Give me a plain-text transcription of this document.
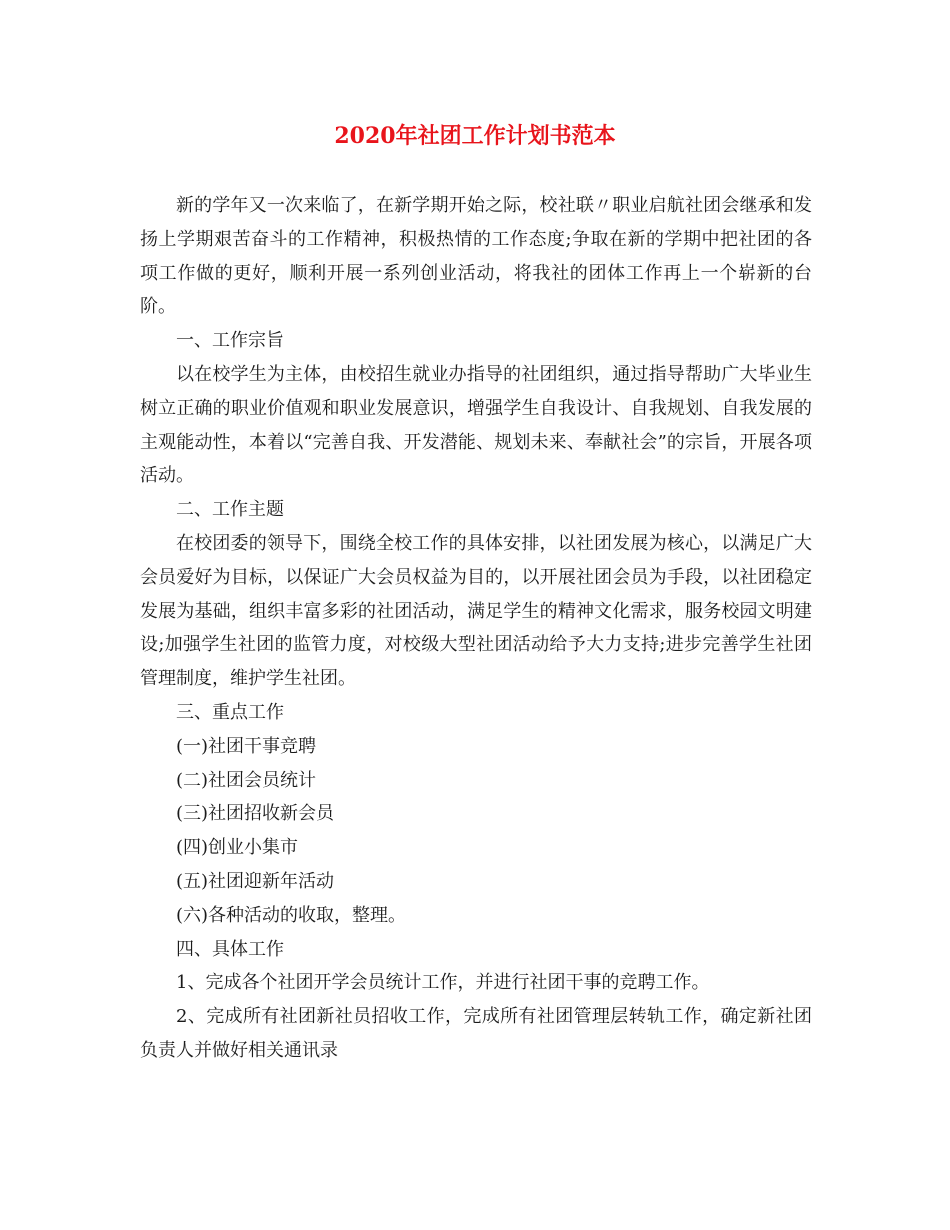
2020年社团工作计划书范本

新的学年又一次来临了，在新学期开始之际，校社联〃职业启航社团会继承和发扬上学期艰苦奋斗的工作精神，积极热情的工作态度;争取在新的学期中把社团的各项工作做的更好，顺利开展一系列创业活动，将我社的团体工作再上一个崭新的台阶。

一、工作宗旨

以在校学生为主体，由校招生就业办指导的社团组织，通过指导帮助广大毕业生树立正确的职业价值观和职业发展意识，增强学生自我设计、自我规划、自我发展的主观能动性，本着以“完善自我、开发潜能、规划未来、奉献社会”的宗旨，开展各项活动。

二、工作主题

在校团委的领导下，围绕全校工作的具体安排，以社团发展为核心，以满足广大会员爱好为目标，以保证广大会员权益为目的，以开展社团会员为手段，以社团稳定发展为基础，组织丰富多彩的社团活动，满足学生的精神文化需求，服务校园文明建设;加强学生社团的监管力度，对校级大型社团活动给予大力支持;进步完善学生社团管理制度，维护学生社团。

三、重点工作

(一)社团干事竞聘

(二)社团会员统计

(三)社团招收新会员

(四)创业小集市

(五)社团迎新年活动

(六)各种活动的收取，整理。

四、具体工作

1、完成各个社团开学会员统计工作，并进行社团干事的竞聘工作。

2、完成所有社团新社员招收工作，完成所有社团管理层转轨工作，确定新社团负责人并做好相关通讯录
